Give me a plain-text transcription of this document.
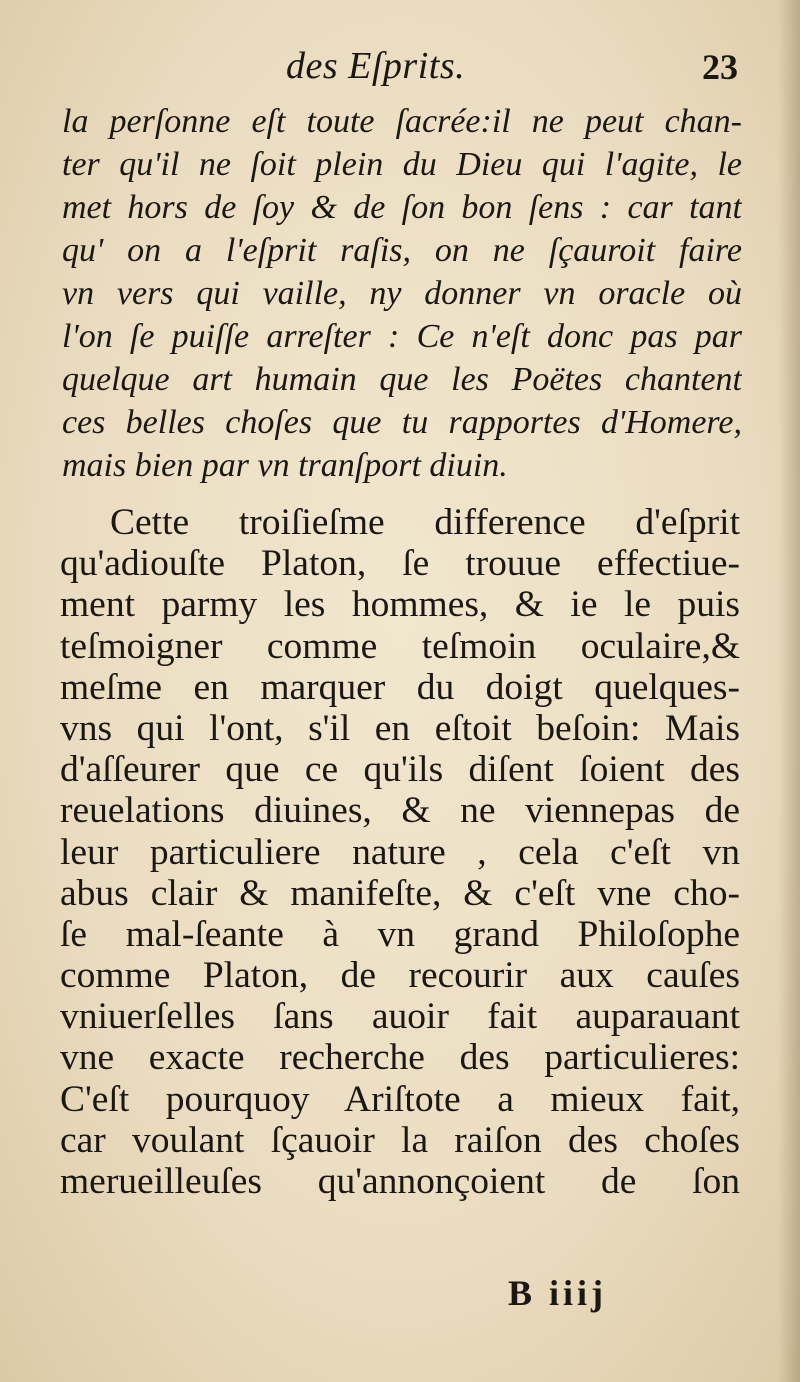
des Eſprits.	23
la perſonne eſt toute ſacrée:il ne peut chan-
ter qu'il ne ſoit plein du Dieu qui l'agite, le
met hors de ſoy & de ſon bon ſens : car tant
qu' on a l'eſprit raſis, on ne ſçauroit faire
vn vers qui vaille, ny donner vn oracle où
l'on ſe puiſſe arreſter : Ce n'eſt donc pas par
quelque art humain que les Poëtes chantent
ces belles choſes que tu rapportes d'Homere,
mais bien par vn tranſport diuin.
Cette troiſieſme difference d'eſprit
qu'adiouſte Platon, ſe trouue effectiue-
ment parmy les hommes, & ie le puis
teſmoigner comme teſmoin oculaire,&
meſme en marquer du doigt quelques-
vns qui l'ont, s'il en eſtoit beſoin: Mais
d'aſſeurer que ce qu'ils diſent ſoient des
reuelations diuines, & ne viennepas de
leur particuliere nature , cela c'eſt vn
abus clair & manifeſte, & c'eſt vne cho-
ſe mal-ſeante à vn grand Philoſophe
comme Platon, de recourir aux cauſes
vniuerſelles ſans auoir fait auparauant
vne exacte recherche des particulieres:
C'eſt pourquoy Ariſtote a mieux fait,
car voulant ſçauoir la raiſon des choſes
merueilleuſes qu'annonçoient de ſon
B iiij
